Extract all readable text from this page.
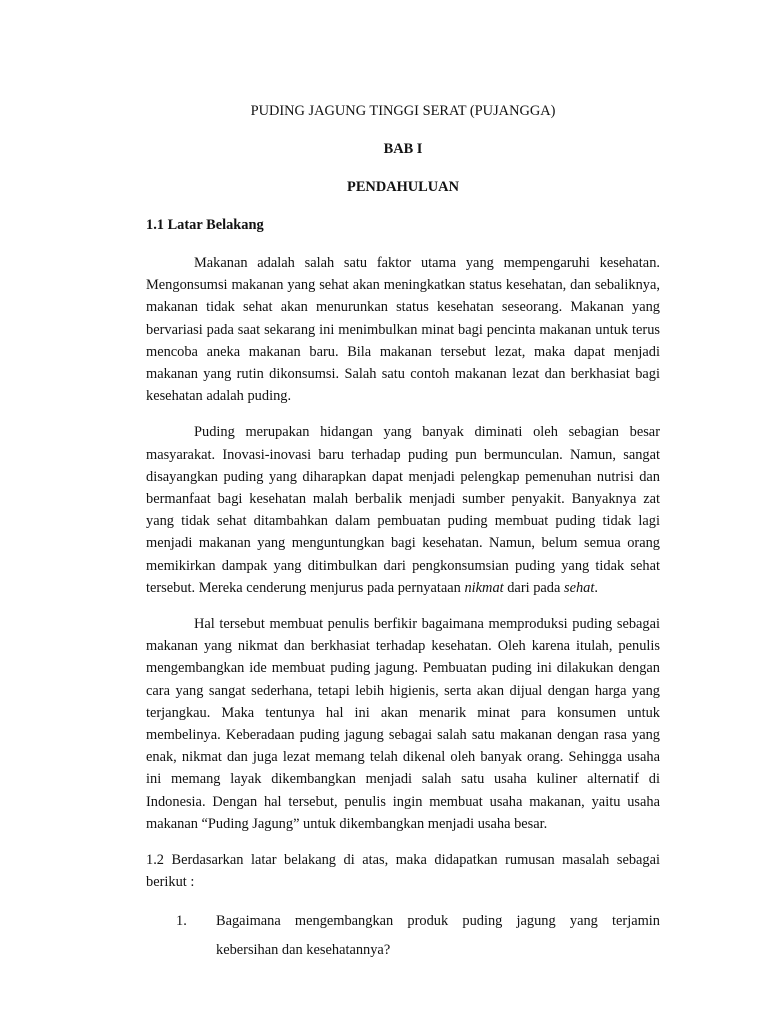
PUDING JAGUNG TINGGI SERAT (PUJANGGA)

BAB I

PENDAHULUAN

1.1 Latar Belakang

Makanan adalah salah satu faktor utama yang mempengaruhi kesehatan. Mengonsumsi makanan yang sehat akan meningkatkan status kesehatan, dan sebaliknya, makanan tidak sehat akan menurunkan status kesehatan seseorang. Makanan yang bervariasi pada saat sekarang ini menimbulkan minat bagi pencinta makanan untuk terus mencoba aneka makanan baru. Bila makanan tersebut lezat, maka dapat menjadi makanan yang rutin dikonsumsi. Salah satu contoh makanan lezat dan berkhasiat bagi kesehatan adalah puding.

Puding merupakan hidangan yang banyak diminati oleh sebagian besar masyarakat. Inovasi-inovasi baru terhadap puding pun bermunculan. Namun, sangat disayangkan puding yang diharapkan dapat menjadi pelengkap pemenuhan nutrisi dan bermanfaat bagi kesehatan malah berbalik menjadi sumber penyakit. Banyaknya zat yang tidak sehat ditambahkan dalam pembuatan puding membuat puding tidak lagi menjadi makanan yang menguntungkan bagi kesehatan. Namun, belum semua orang memikirkan dampak yang ditimbulkan dari pengkonsumsian puding yang tidak sehat tersebut. Mereka cenderung menjurus pada pernyataan nikmat dari pada sehat.

Hal tersebut membuat penulis berfikir bagaimana memproduksi puding sebagai makanan yang nikmat dan berkhasiat terhadap kesehatan. Oleh karena itulah, penulis mengembangkan ide membuat puding jagung. Pembuatan puding ini dilakukan dengan cara yang sangat sederhana, tetapi lebih higienis, serta akan dijual dengan harga yang terjangkau. Maka tentunya hal ini akan menarik minat para konsumen untuk membelinya. Keberadaan puding jagung sebagai salah satu makanan dengan rasa yang enak, nikmat dan juga lezat memang telah dikenal oleh banyak orang. Sehingga usaha ini memang layak dikembangkan menjadi salah satu usaha kuliner alternatif di Indonesia. Dengan hal tersebut, penulis ingin membuat usaha makanan, yaitu usaha makanan “Puding Jagung” untuk dikembangkan menjadi usaha besar.

1.2 Berdasarkan latar belakang di atas, maka didapatkan rumusan masalah sebagai berikut :

1.	Bagaimana mengembangkan produk puding jagung yang terjamin kebersihan dan kesehatannya?
